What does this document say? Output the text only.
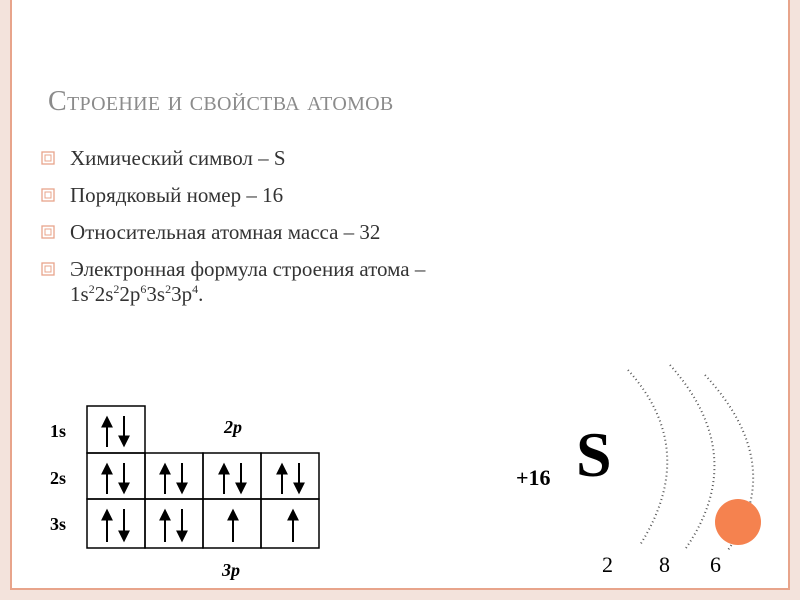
Строение и свойства атомов
Химический символ – S
Порядковый номер – 16
Относительная атомная масса – 32
Электронная формула строения атома –
$1s^22s^22p^63s^23p^4$.
1s
2s
3s
2p
3p
+16 S
2 8 6
